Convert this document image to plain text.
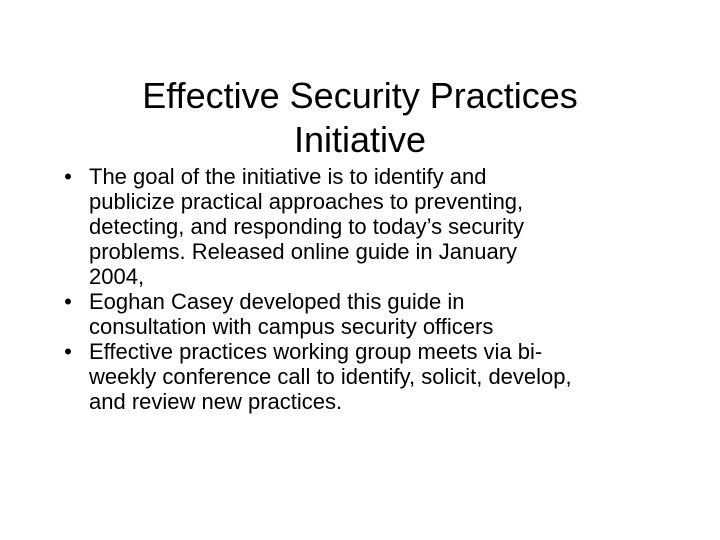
Effective Security Practices
Initiative
• The goal of the initiative is to identify and
publicize practical approaches to preventing,
detecting, and responding to today’s security
problems. Released online guide in January
2004,
• Eoghan Casey developed this guide in
consultation with campus security officers
• Effective practices working group meets via bi-
weekly conference call to identify, solicit, develop,
and review new practices.
